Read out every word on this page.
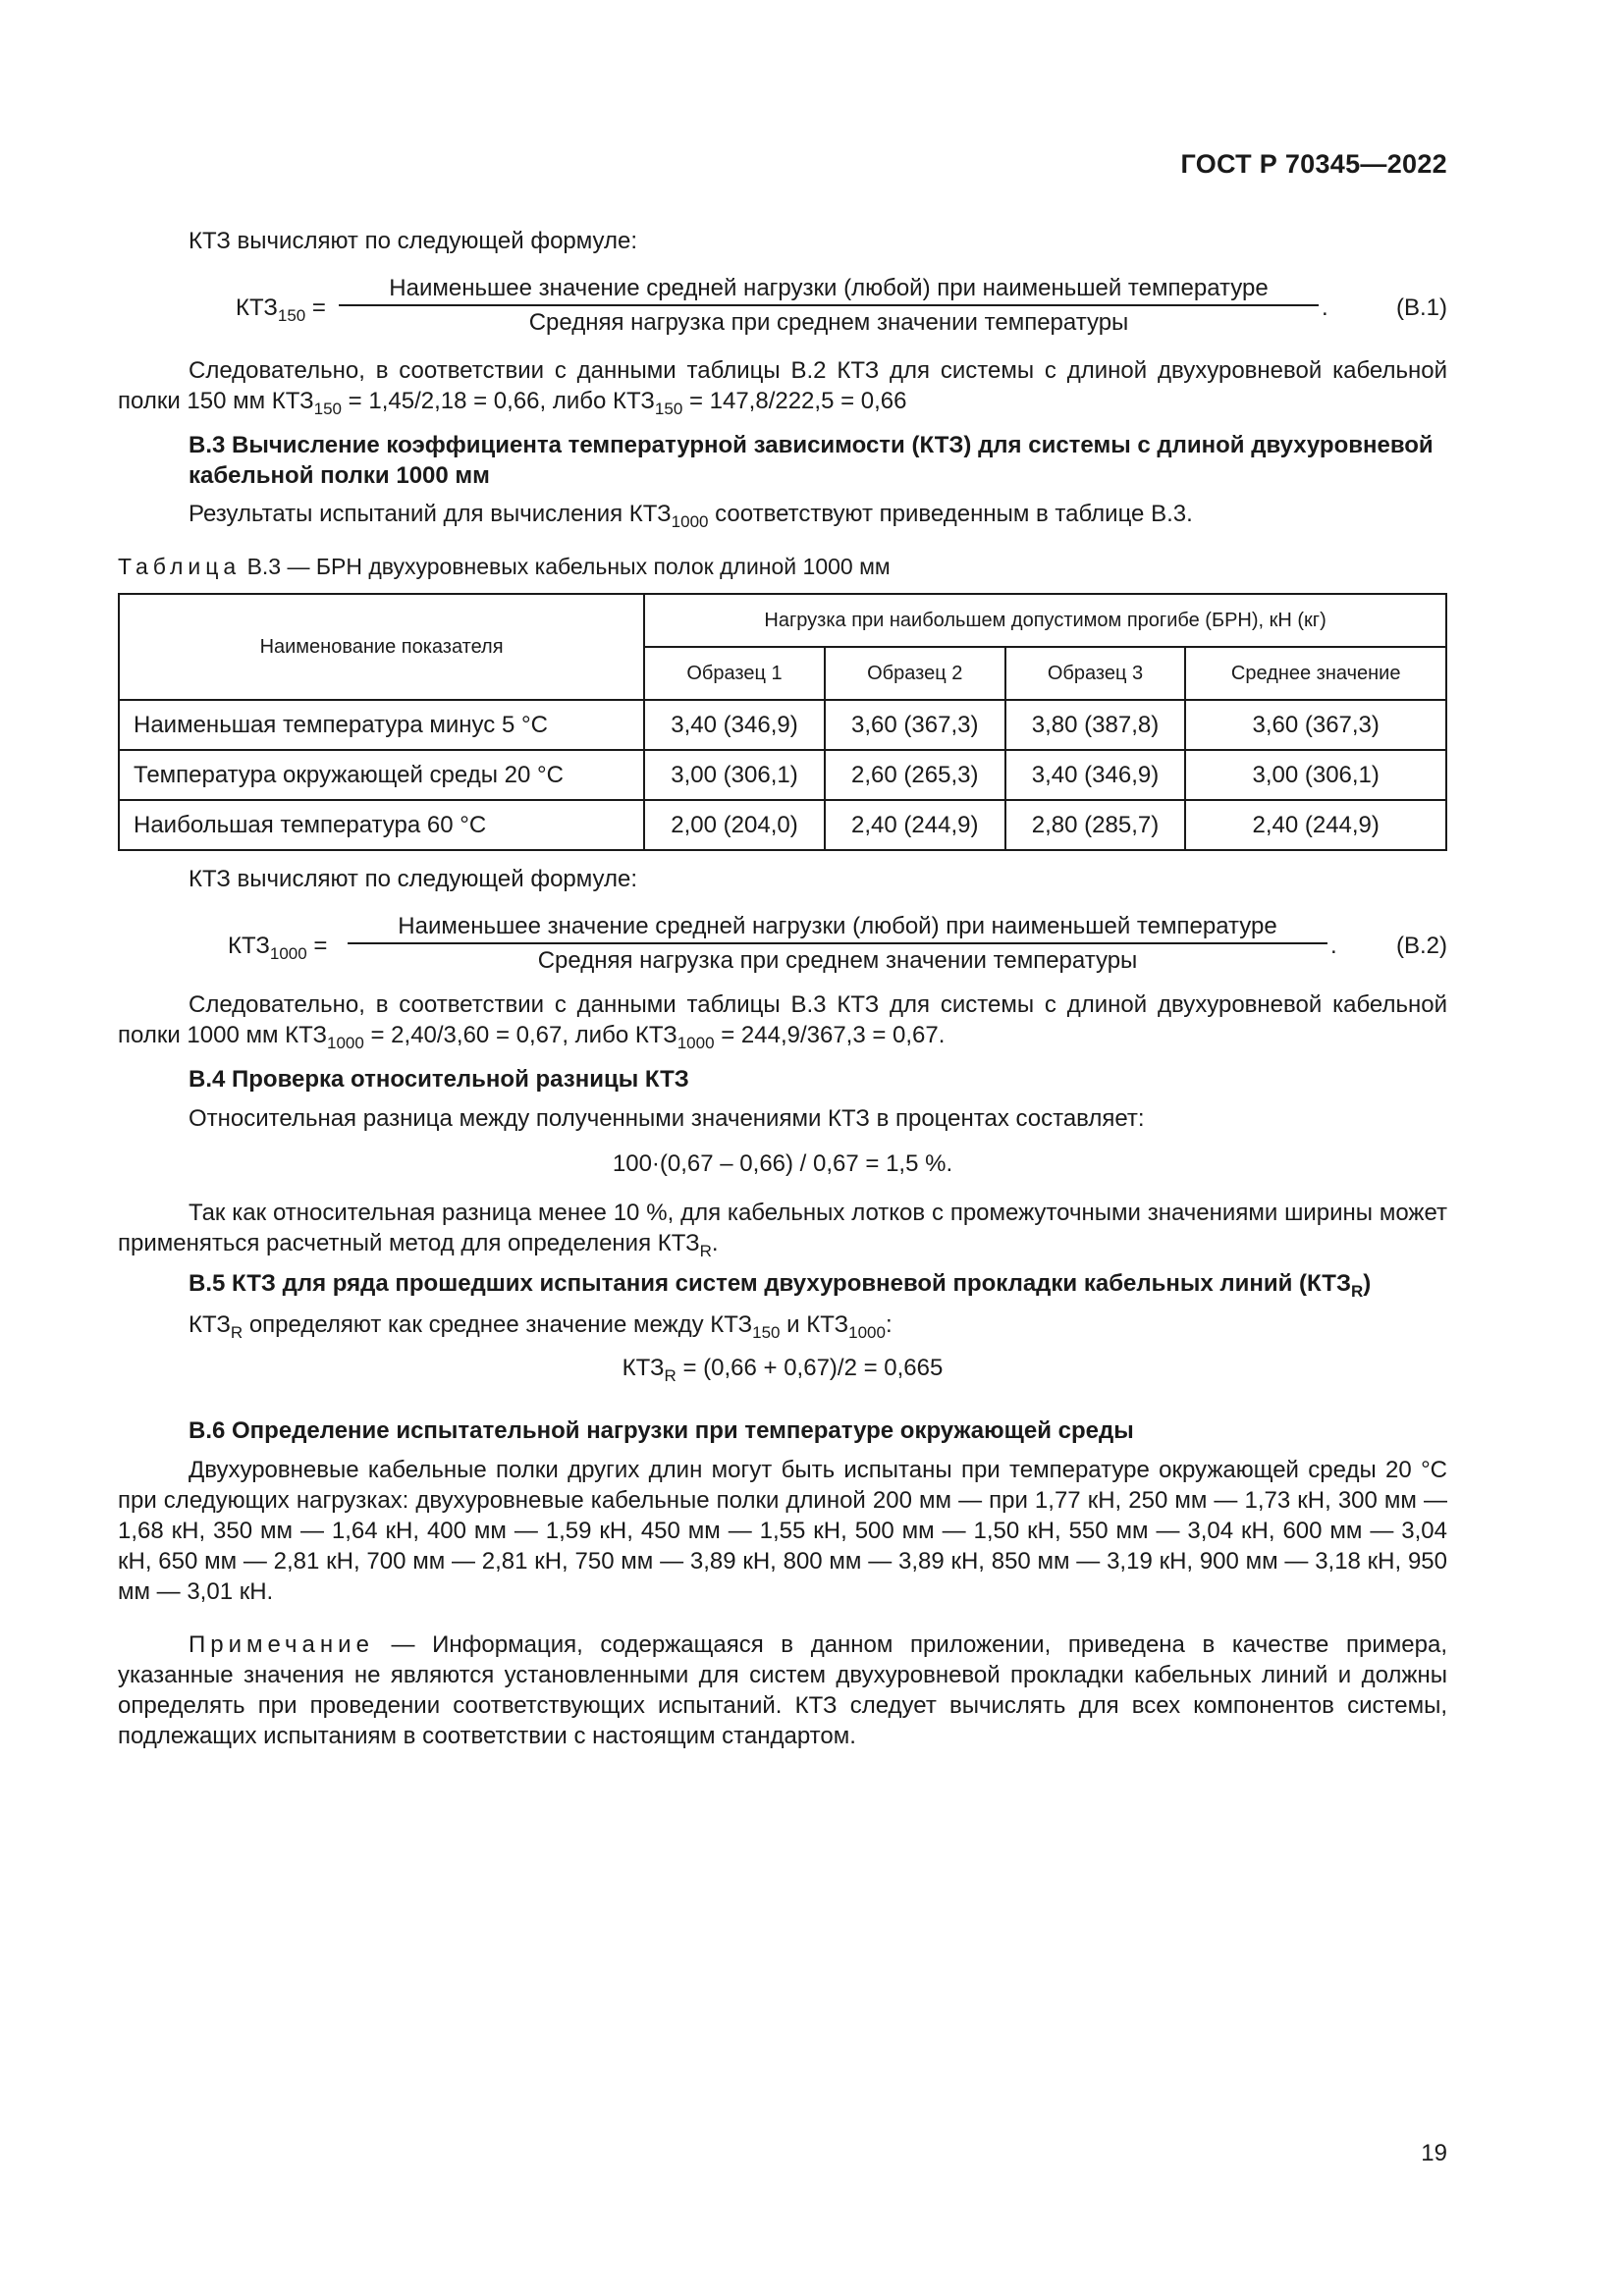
ГОСТ Р 70345—2022

КТЗ вычисляют по следующей формуле:

$КТЗ_{150}$ =
Наименьшее значение средней нагрузки (любой) при наименьшей температуре
Средняя нагрузка при среднем значении температуры
.	(В.1)

Следовательно, в соответствии с данными таблицы В.2 КТЗ для системы с длиной двухуровневой кабельной полки 150 мм $КТЗ_{150} = 1,45/2,18 = 0,66$, либо $КТЗ_{150} = 147,8/222,5 = 0,66$

В.3 Вычисление коэффициента температурной зависимости (КТЗ) для системы с длиной двухуровневой кабельной полки 1000 мм

Результаты испытаний для вычисления $КТЗ_{1000}$ соответствуют приведенным в таблице В.3.

Таблица В.3 — БРН двухуровневых кабельных полок длиной 1000 мм

Наименование показателя	Нагрузка при наибольшем допустимом прогибе (БРН), кН (кг)			
	Образец 1	Образец 2	Образец 3	Среднее значение
Наименьшая температура минус 5 °С	3,40 (346,9)	3,60 (367,3)	3,80 (387,8)	3,60 (367,3)
Температура окружающей среды 20 °С	3,00 (306,1)	2,60 (265,3)	3,40 (346,9)	3,00 (306,1)
Наибольшая температура 60 °С	2,00 (204,0)	2,40 (244,9)	2,80 (285,7)	2,40 (244,9)

КТЗ вычисляют по следующей формуле:

$КТЗ_{1000}$ =
Наименьшее значение средней нагрузки (любой) при наименьшей температуре
Средняя нагрузка при среднем значении температуры
.	(В.2)

Следовательно, в соответствии с данными таблицы В.3 КТЗ для системы с длиной двухуровневой кабельной полки 1000 мм $КТЗ_{1000} = 2,40/3,60 = 0,67$, либо $КТЗ_{1000} = 244,9/367,3 = 0,67$.

В.4 Проверка относительной разницы КТЗ

Относительная разница между полученными значениями КТЗ в процентах составляет:

100·(0,67 – 0,66) / 0,67 = 1,5 %.

Так как относительная разница менее 10 %, для кабельных лотков с промежуточными значениями ширины может применяться расчетный метод для определения $КТЗ_R$.

В.5 КТЗ для ряда прошедших испытания систем двухуровневой прокладки кабельных линий $(КТЗ_R)$

$КТЗ_R$ определяют как среднее значение между $КТЗ_{150}$ и $КТЗ_{1000}$:

$КТЗ_R = (0,66 + 0,67)/2 = 0,665$

В.6 Определение испытательной нагрузки при температуре окружающей среды

Двухуровневые кабельные полки других длин могут быть испытаны при температуре окружающей среды 20 °С при следующих нагрузках: двухуровневые кабельные полки длиной 200 мм — при 1,77 кН, 250 мм — 1,73 кН, 300 мм — 1,68 кН, 350 мм — 1,64 кН, 400 мм — 1,59 кН, 450 мм — 1,55 кН, 500 мм — 1,50 кН, 550 мм — 3,04 кН, 600 мм — 3,04 кН, 650 мм — 2,81 кН, 700 мм — 2,81 кН, 750 мм — 3,89 кН, 800 мм — 3,89 кН, 850 мм — 3,19 кН, 900 мм — 3,18 кН, 950 мм — 3,01 кН.

Примечание — Информация, содержащаяся в данном приложении, приведена в качестве примера, указанные значения не являются установленными для систем двухуровневой прокладки кабельных линий и должны определять при проведении соответствующих испытаний. КТЗ следует вычислять для всех компонентов системы, подлежащих испытаниям в соответствии с настоящим стандартом.

19
